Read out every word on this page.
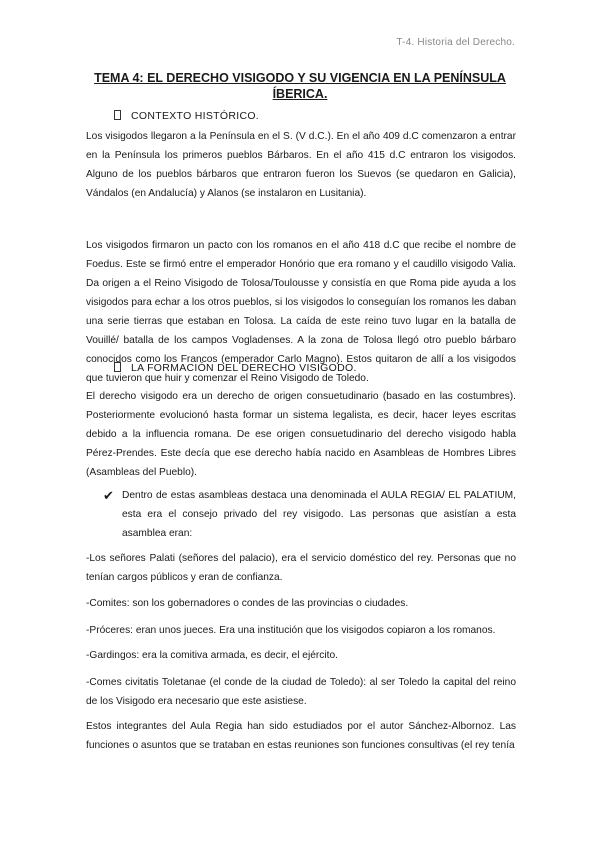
T-4. Historia del Derecho.
TEMA 4: EL DERECHO VISIGODO Y SU VIGENCIA EN LA PENÍNSULA ÍBERICA.
CONTEXTO HISTÓRICO.

Los visigodos llegaron a la Península en el S. (V d.C.). En el año 409 d.C comenzaron a entrar en la Península los primeros pueblos Bárbaros. En el año 415 d.C entraron los visigodos. Alguno de los pueblos bárbaros que entraron fueron los Suevos (se quedaron en Galicia), Vándalos (en Andalucía) y Alanos (se instalaron en Lusitania).

Los visigodos firmaron un pacto con los romanos en el año 418 d.C que recibe el nombre de Foedus. Este se firmó entre el emperador Honório que era romano y el caudillo visigodo Valia. Da origen a el Reino Visigodo de Tolosa/Toulousse y consistía en que Roma pide ayuda a los visigodos para echar a los otros pueblos, si los visigodos lo conseguían los romanos les daban una serie tierras que estaban en Tolosa. La caída de este reino tuvo lugar en la batalla de Vouillé/ batalla de los campos Vogladenses. A la zona de Tolosa llegó otro pueblo bárbaro conocidos como los Francos (emperador Carlo Magno). Estos quitaron de allí a los visigodos que tuvieron que huir y comenzar el Reino Visigodo de Toledo.

LA FORMACIÓN DEL DERECHO VISIGODO.

El derecho visigodo era un derecho de origen consuetudinario (basado en las costumbres). Posteriormente evolucionó hasta formar un sistema legalista, es decir, hacer leyes escritas debido a la influencia romana. De ese origen consuetudinario del derecho visigodo habla Pérez-Prendes. Este decía que ese derecho había nacido en Asambleas de Hombres Libres (Asambleas del Pueblo).

✔ Dentro de estas asambleas destaca una denominada el AULA REGIA/ EL PALATIUM, esta era el consejo privado del rey visigodo. Las personas que asistían a esta asamblea eran:

-Los señores Palati (señores del palacio), era el servicio doméstico del rey. Personas que no tenían cargos públicos y eran de confianza.

-Comites: son los gobernadores o condes de las provincias o ciudades.

-Próceres: eran unos jueces. Era una institución que los visigodos copiaron a los romanos.

-Gardingos: era la comitiva armada, es decir, el ejército.

-Comes civitatis Toletanae (el conde de la ciudad de Toledo): al ser Toledo la capital del reino de los Visigodo era necesario que este asistiese.

Estos integrantes del Aula Regia han sido estudiados por el autor Sánchez-Albornoz. Las funciones o asuntos que se trataban en estas reuniones son funciones consultivas (el rey tenía
